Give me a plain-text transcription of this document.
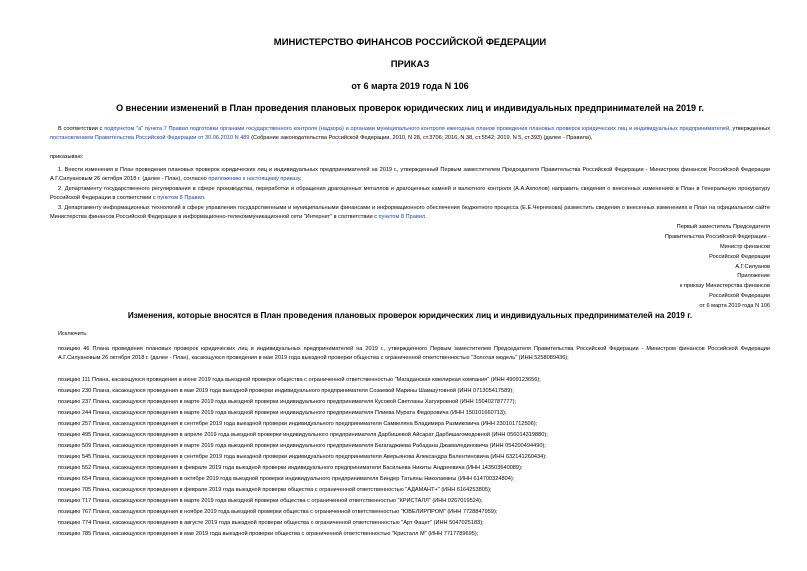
МИНИСТЕРСТВО ФИНАНСОВ РОССИЙСКОЙ ФЕДЕРАЦИИ
ПРИКАЗ
от 6 марта 2019 года N 106
О внесении изменений в План проведения плановых проверок юридических лиц и индивидуальных предпринимателей на 2019 г.

В соответствии с подпунктом "а" пункта 7 Правил подготовки органами государственного контроля (надзора) и органами муниципального контроля ежегодных планов проведения плановых проверок юридических лиц и индивидуальных предпринимателей, утвержденных постановлением Правительства Российской Федерации от 30.06.2010 N 489 (Собрание законодательства Российской Федерации, 2010, N 28, ст.3706; 2016, N 38, ст.5542; 2019, N 5, ст.393) (далее - Правила),

приказываю:

1. Внести изменения в План проведения плановых проверок юридических лиц и индивидуальных предпринимателей на 2019 г., утвержденный Первым заместителем Председателя Правительства Российской Федерации - Министром финансов Российской Федерации А.Г.Силуановым 26 октября 2018 г. (далее - План), согласно приложению к настоящему приказу.

2. Департаменту государственного регулирования в сфере производства, переработки и обращения драгоценных металлов и драгоценных камней и валютного контроля (А.А.Ахполов) направить сведения о внесенных изменениях в План в Генеральную прокуратуру Российской Федерации в соответствии с пунктом 8 Правил.

3. Департаменту информационных технологий в сфере управления государственными и муниципальными финансами и информационного обеспечения бюджетного процесса (Е.Е.Черняхова) разместить сведения о внесенных изменениях в План на официальном сайте Министерства финансов Российской Федерации в информационно-телекоммуникационной сети "Интернет" в соответствии с пунктом 8 Правил.

Первый заместитель Председателя
Правительства Российской Федерации -
Министр финансов
Российской Федерации
А.Г.Силуанов
Приложение
к приказу Министерства финансов
Российской Федерации
от 6 марта 2019 года N 106
Изменения, которые вносятся в План проведения плановых проверок юридических лиц и индивидуальных предпринимателей на 2019 г.
Исключить:
позицию 46 Плана проведения плановых проверок юридических лиц и индивидуальных предпринимателей на 2019 г., утвержденного Первым заместителем Председателя Правительства Российской Федерации - Министром финансов Российской Федерации А.Г.Силуановым 26 октября 2018 г. (далее - План), касающуюся проведения в мае 2019 года выездной проверки общества с ограниченной ответственностью "Золотая модель" (ИНН 5258089436);
позицию 111 Плана, касающуюся проведения в июне 2019 года выездной проверки общества с ограниченной ответственностью "Магаданская ювелирная компания" (ИНН 4909123656);
позицию 230 Плана, касающуюся проведения в мае 2019 года выездной проверки индивидуального предпринимателя Созаевой Марины Шамшутовной (ИНН 071305417589);
позицию 237 Плана, касающуюся проведения в марте 2019 года выездной проверки индивидуального предпринимателя Кусовой Светланы Хагуировной (ИНН 150402787777);
позицию 244 Плана, касающуюся проведения в марте 2019 года выездной проверки индивидуального предпринимателя Плиева Мурата Федоровича (ИНН 150101660713);
позицию 257 Плана, касающуюся проведения в сентябре 2019 года выездной проверки индивидуального предпринимателя Самвеляна Владимира Размиковича (ИНН 230101712506);
позицию 495 Плана, касающуюся проведения в апреле 2019 года выездной проверки индивидуального предпринимателя Дарбишевой Айсарат Дарбишагомедовной (ИНН 056014319880);
позицию 509 Плана, касающуюся проведения в марте 2019 года выездной проверки индивидуального предпринимателя Багагаджиева Рабадана Джамалединовича (ИНН 054200494490);
позицию 545 Плана, касающуюся проведения в сентябре 2019 года выездной проверки индивидуального предпринимателя Аверьянова Александра Валентиновича (ИНН 632141260434);
позицию 552 Плана, касающуюся проведения в феврале 2019 года выездной проверки индивидуального предпринимателя Васильева Никиты Андреевича (ИНН 143503640089);
позицию 654 Плана, касающуюся проведения в октябре 2019 года выездной проверки индивидуального предпринимателя Биндер Татьяны Николаевны (ИНН 614700324804);
позицию 705 Плана, касающуюся проведения в феврале 2019 года выездной проверки общества с ограниченной ответственностью "АДАМАНТ+" (ИНН 6164253805);
позицию 717 Плана, касающуюся проведения в марте 2019 года выездной проверки общества с ограниченной ответственностью "КРИСТАЛЛ" (ИНН 0267019524);
позицию 767 Плана, касающуюся проведения в ноябре 2019 года выездной проверки общества с ограниченной ответственностью "ЮВЕЛИРПРОМ" (ИНН 7728847959);
позицию 774 Плана, касающуюся проведения в августе 2019 года выездной проверки общества с ограниченной ответственностью "Арт Фацет" (ИНН 5047025183);
позицию 785 Плана, касающуюся проведения в мае 2019 года выездной проверки общества с ограниченной ответственностью "Кристалл М" (ИНН 7717789695);
